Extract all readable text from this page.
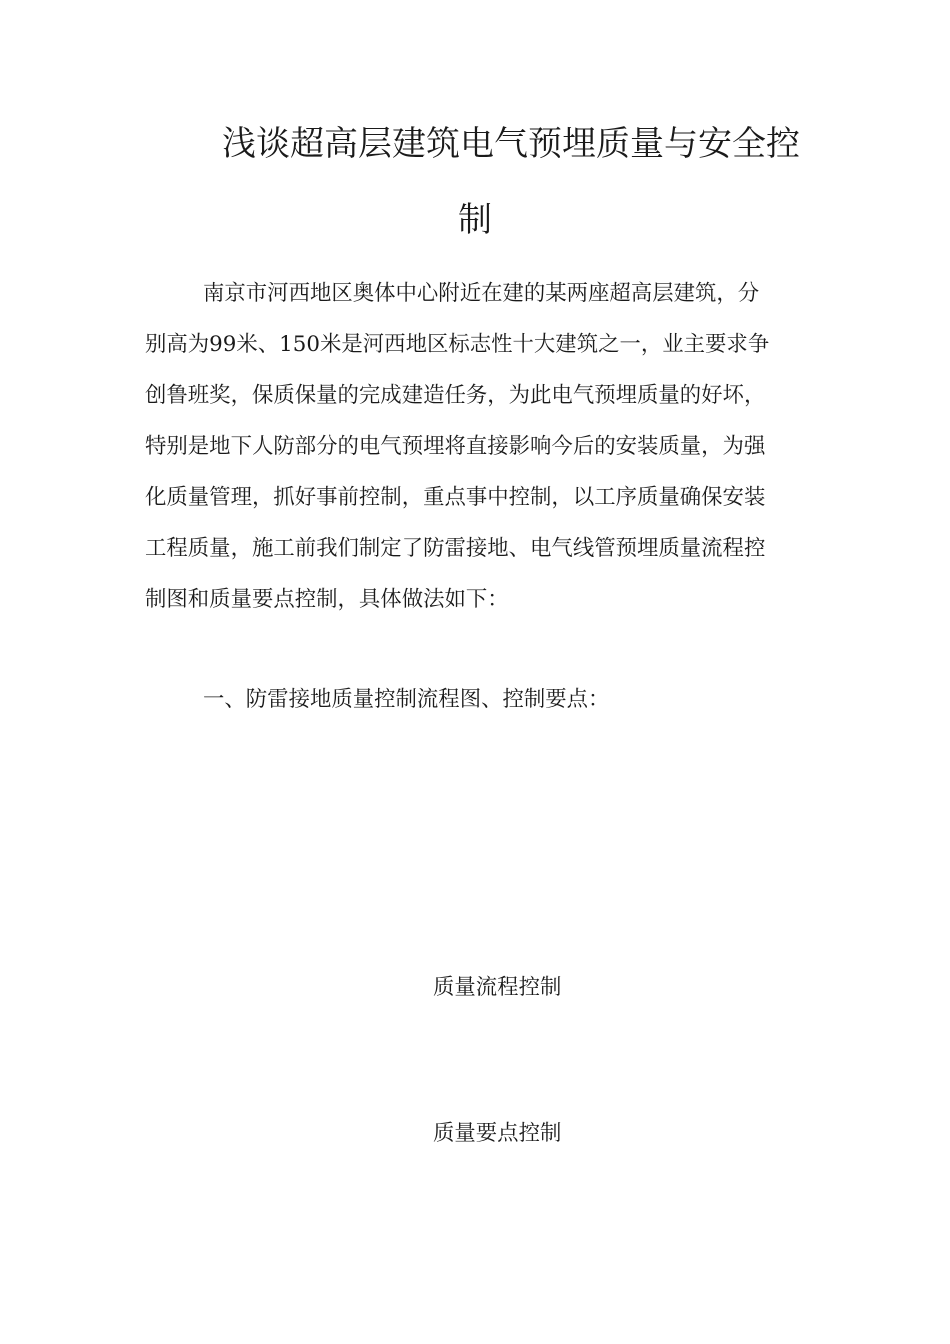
浅谈超高层建筑电气预埋质量与安全控
制
南京市河西地区奥体中心附近在建的某两座超高层建筑，分
别高为99米、150米是河西地区标志性十大建筑之一，业主要求争
创鲁班奖，保质保量的完成建造任务，为此电气预埋质量的好坏，
特别是地下人防部分的电气预埋将直接影响今后的安装质量，为强
化质量管理，抓好事前控制，重点事中控制，以工序质量确保安装
工程质量，施工前我们制定了防雷接地、电气线管预埋质量流程控
制图和质量要点控制，具体做法如下：
一、防雷接地质量控制流程图、控制要点：
质量流程控制
质量要点控制
